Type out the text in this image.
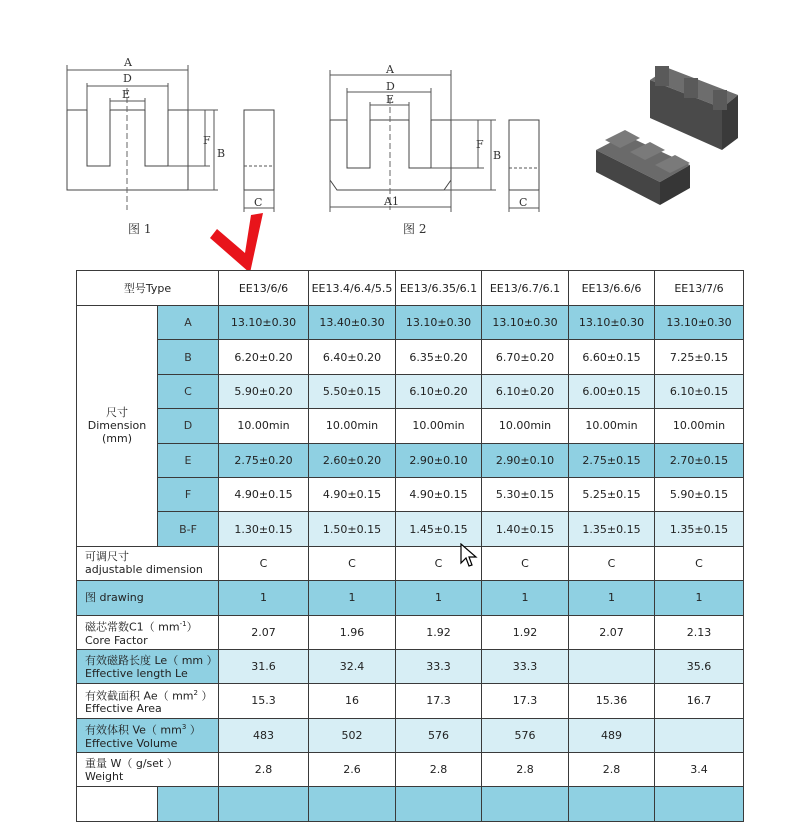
A
D
E
F
B
C
图 1
A
D
E
F
B
A1	C
图 2
型号Type		EE13/6/6	EE13.4/6.4/5.5	EE13/6.35/6.1	EE13/6.7/6.1	EE13/6.6/6	EE13/7/6

尺寸
Dimension
(mm)	A	13.10±0.30	13.40±0.30	13.10±0.30	13.10±0.30	13.10±0.30	13.10±0.30
	B	6.20±0.20	6.40±0.20	6.35±0.20	6.70±0.20	6.60±0.15	7.25±0.15
	C	5.90±0.20	5.50±0.15	6.10±0.20	6.10±0.20	6.00±0.15	6.10±0.15
	D	10.00min	10.00min	10.00min	10.00min	10.00min	10.00min
	E	2.75±0.20	2.60±0.20	2.90±0.10	2.90±0.10	2.75±0.15	2.70±0.15
	F	4.90±0.15	4.90±0.15	4.90±0.15	5.30±0.15	5.25±0.15	5.90±0.15
	B-F	1.30±0.15	1.50±0.15	1.45±0.15	1.40±0.15	1.35±0.15	1.35±0.15

可调尺寸
adjustable dimension		C	C	C	C	C	C
图 drawing		1	1	1	1	1	1

磁芯常数C1（ $mm^{-1}$）
Core Factor		2.07	1.96	1.92	1.92	2.07	2.13

有效磁路长度 Le（ mm ）
Effective length Le		31.6	32.4	33.3	33.3		35.6

有效截面积 Ae（ $mm^2$ ）
Effective Area		15.3	16	17.3	17.3	15.36	16.7

有效体积 Ve（ $mm^3$ ）
Effective Volume		483	502	576	576	489	

重量 W（ g/set ）
Weight		2.8	2.6	2.8	2.8	2.8	3.4
